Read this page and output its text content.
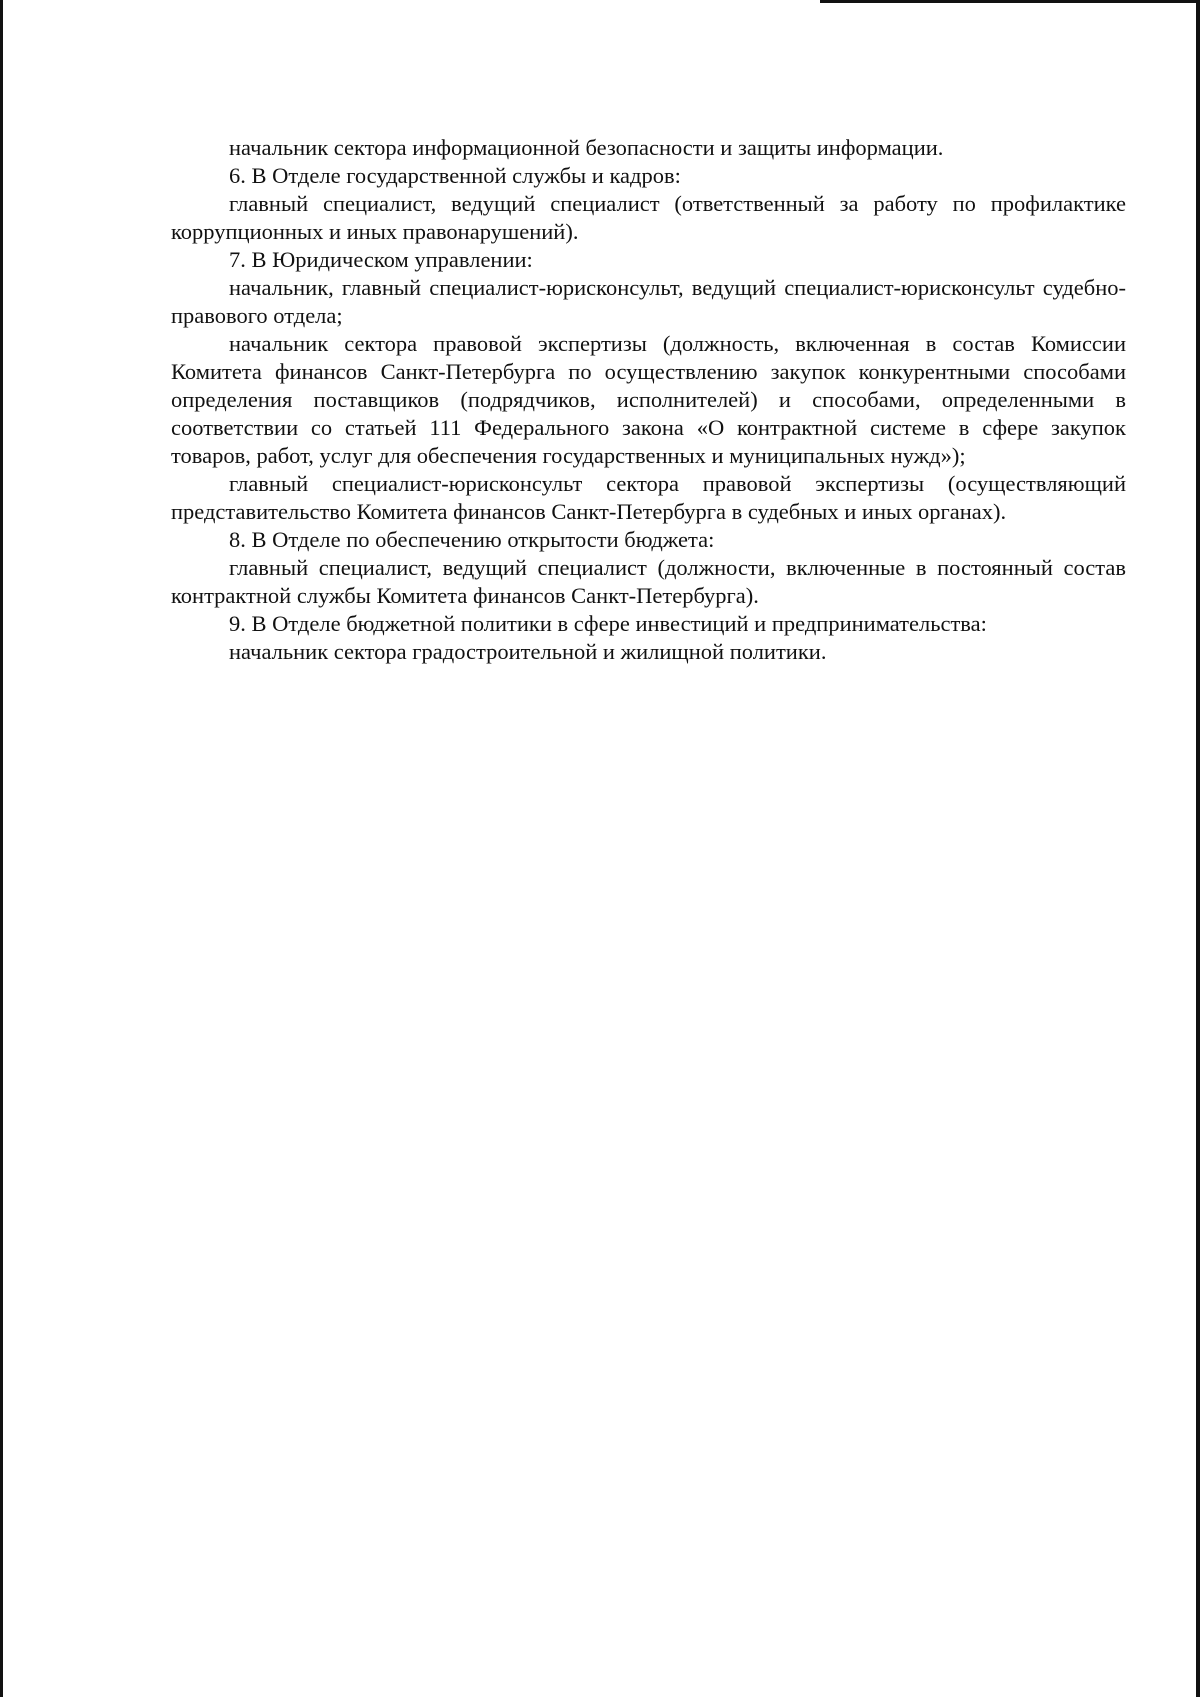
начальник сектора информационной безопасности и защиты информации.

6. В Отделе государственной службы и кадров:

главный специалист, ведущий специалист (ответственный за работу по профилактике коррупционных и иных правонарушений).

7. В Юридическом управлении:

начальник, главный специалист-юрисконсульт, ведущий специалист-юрисконсульт судебно-правового отдела;

начальник сектора правовой экспертизы (должность, включенная в состав Комиссии Комитета финансов Санкт-Петербурга по осуществлению закупок конкурентными способами определения поставщиков (подрядчиков, исполнителей) и способами, определенными в соответствии со статьей 111 Федерального закона «О контрактной системе в сфере закупок товаров, работ, услуг для обеспечения государственных и муниципальных нужд»);

главный специалист-юрисконсульт сектора правовой экспертизы (осуществляющий представительство Комитета финансов Санкт-Петербурга в судебных и иных органах).

8. В Отделе по обеспечению открытости бюджета:

главный специалист, ведущий специалист (должности, включенные в постоянный состав контрактной службы Комитета финансов Санкт-Петербурга).

9. В Отделе бюджетной политики в сфере инвестиций и предпринимательства:

начальник сектора градостроительной и жилищной политики.
